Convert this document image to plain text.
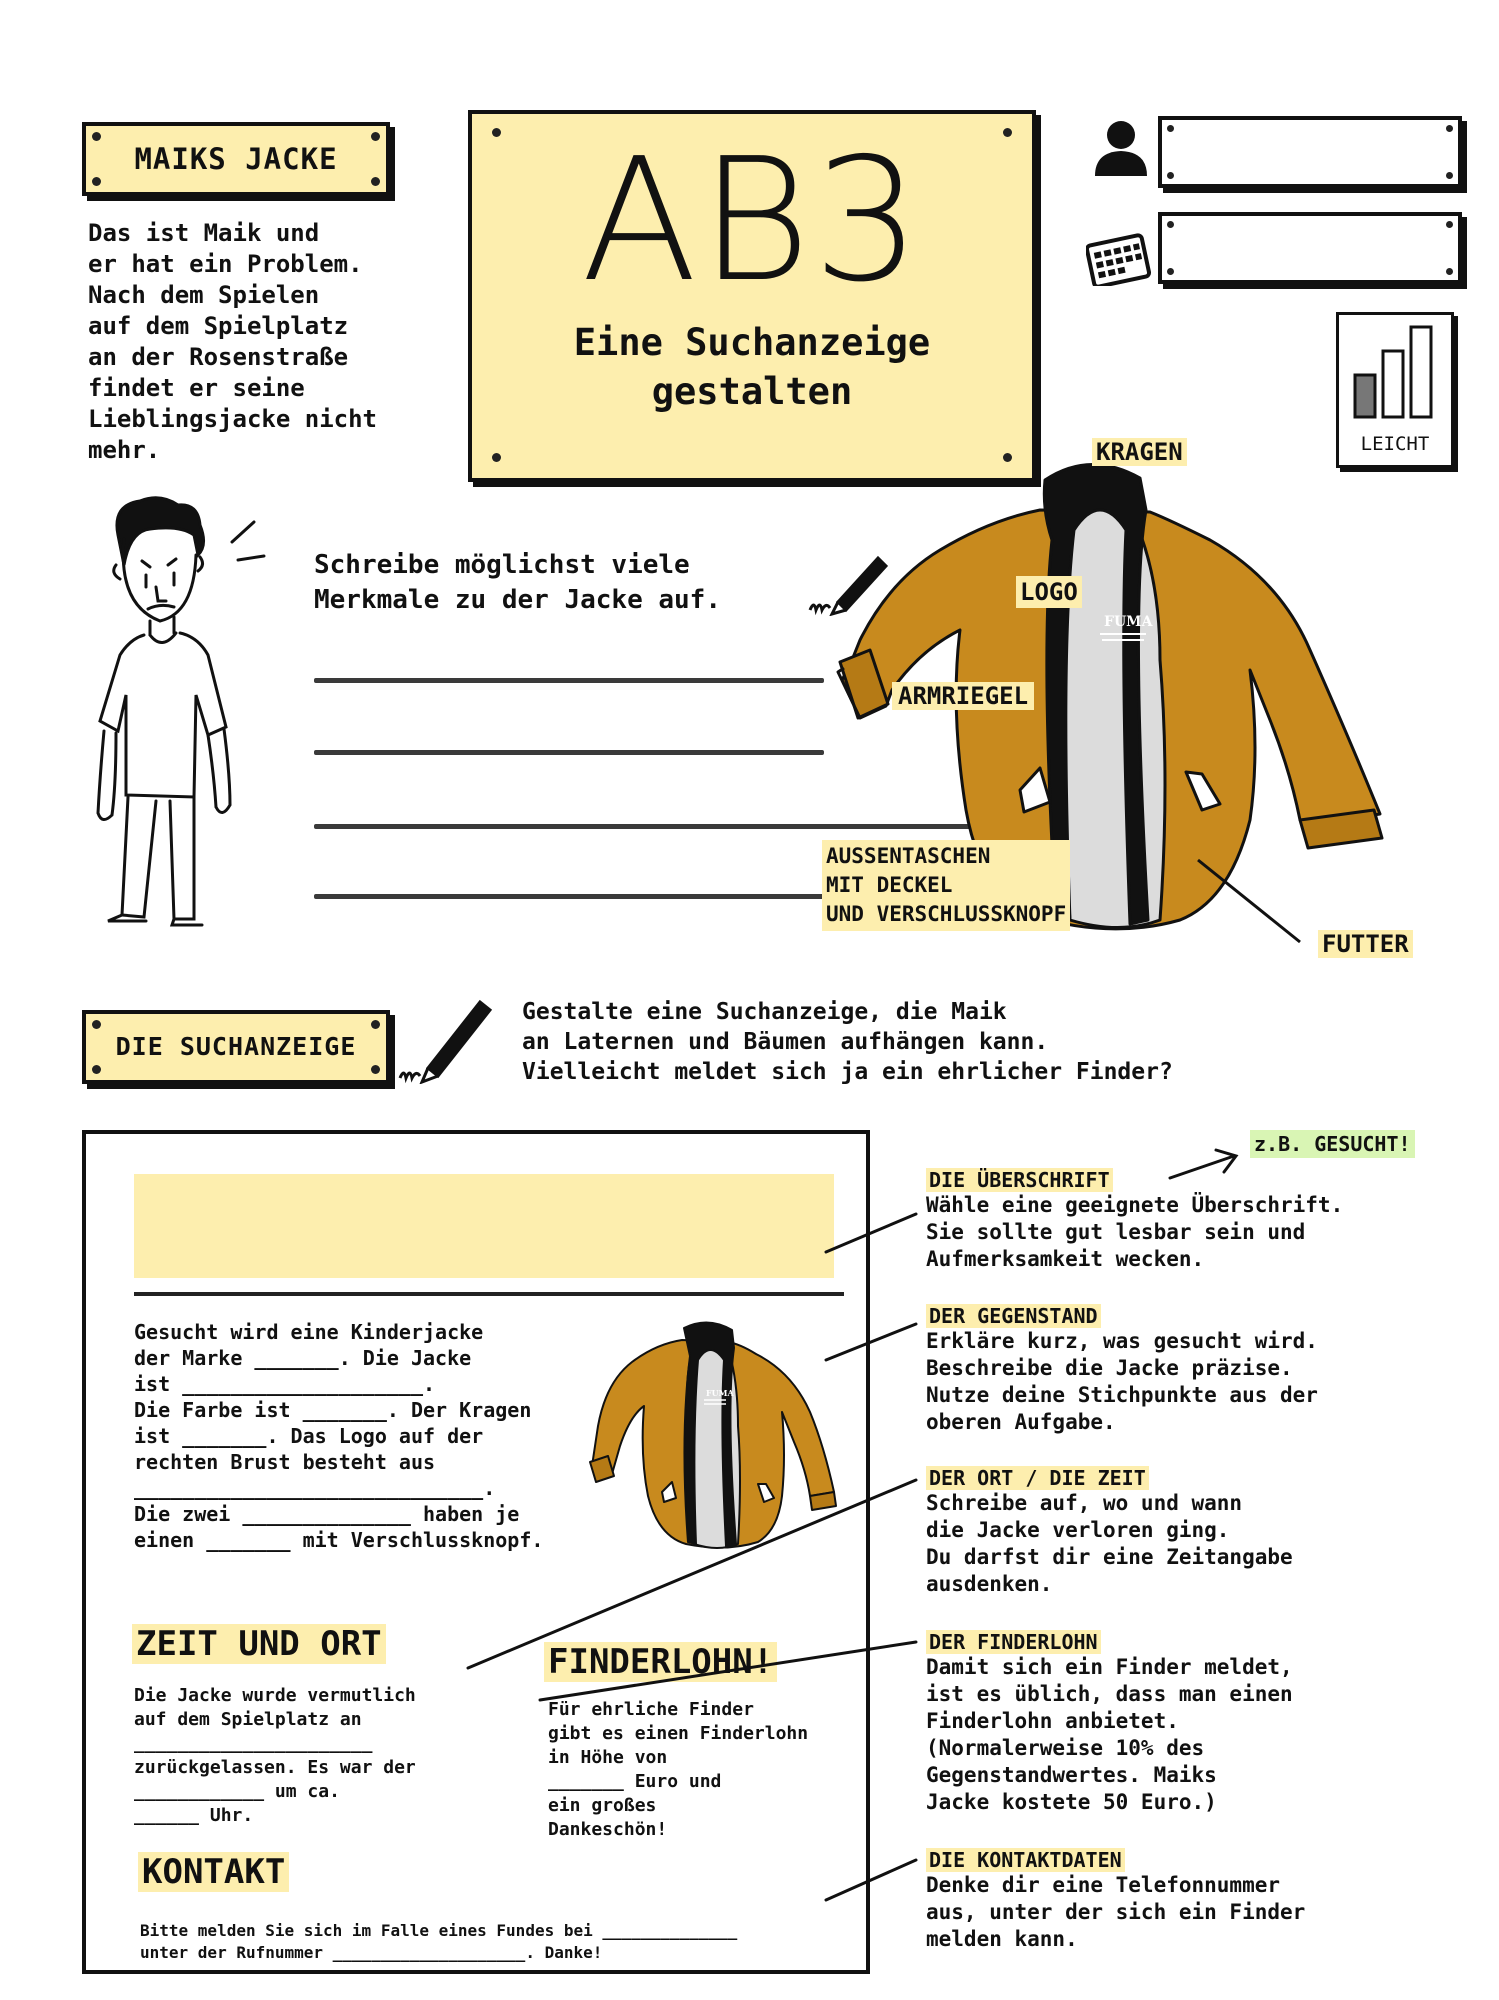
MAIKS JACKE
Das ist Maik und
er hat ein Problem.
Nach dem Spielen
auf dem Spielplatz
an der Rosenstraße
findet er seine
Lieblingsjacke nicht
mehr.
AB3
Eine Suchanzeige
gestalten
LEICHT
Schreibe möglichst viele
Merkmale zu der Jacke auf.
FUMA
KRAGEN
LOGO
ARMRIEGEL
AUSSENTASCHEN
MIT DECKEL
UND VERSCHLUSSKNOPF
FUTTER
DIE SUCHANZEIGE
Gestalte eine Suchanzeige, die Maik
an Laternen und Bäumen aufhängen kann.
Vielleicht meldet sich ja ein ehrlicher Finder?
Gesucht wird eine Kinderjacke
der Marke _______. Die Jacke
ist ____________________.
Die Farbe ist _______. Der Kragen
ist _______. Das Logo auf der
rechten Brust besteht aus
_____________________________.
Die zwei ______________ haben je
einen _______ mit Verschlussknopf.
FUMA
ZEIT UND ORT
Die Jacke wurde vermutlich
auf dem Spielplatz an
______________________
zurückgelassen. Es war der
____________ um ca.
______ Uhr.
FINDERLOHN!
Für ehrliche Finder
gibt es einen Finderlohn
in Höhe von
_______ Euro und
ein großes
Dankeschön!
KONTAKT
Bitte melden Sie sich im Falle eines Fundes bei ______________
unter der Rufnummer ____________________. Danke!
z.B. GESUCHT!
DIE ÜBERSCHRIFT
Wähle eine geeignete Überschrift.
Sie sollte gut lesbar sein und
Aufmerksamkeit wecken.
DER GEGENSTAND
Erkläre kurz, was gesucht wird.
Beschreibe die Jacke präzise.
Nutze deine Stichpunkte aus der
oberen Aufgabe.
DER ORT / DIE ZEIT
Schreibe auf, wo und wann
die Jacke verloren ging.
Du darfst dir eine Zeitangabe
ausdenken.
DER FINDERLOHN
Damit sich ein Finder meldet,
ist es üblich, dass man einen
Finderlohn anbietet.
(Normalerweise 10% des
Gegenstandwertes. Maiks
Jacke kostete 50 Euro.)
DIE KONTAKTDATEN
Denke dir eine Telefonnummer
aus, unter der sich ein Finder
melden kann.
